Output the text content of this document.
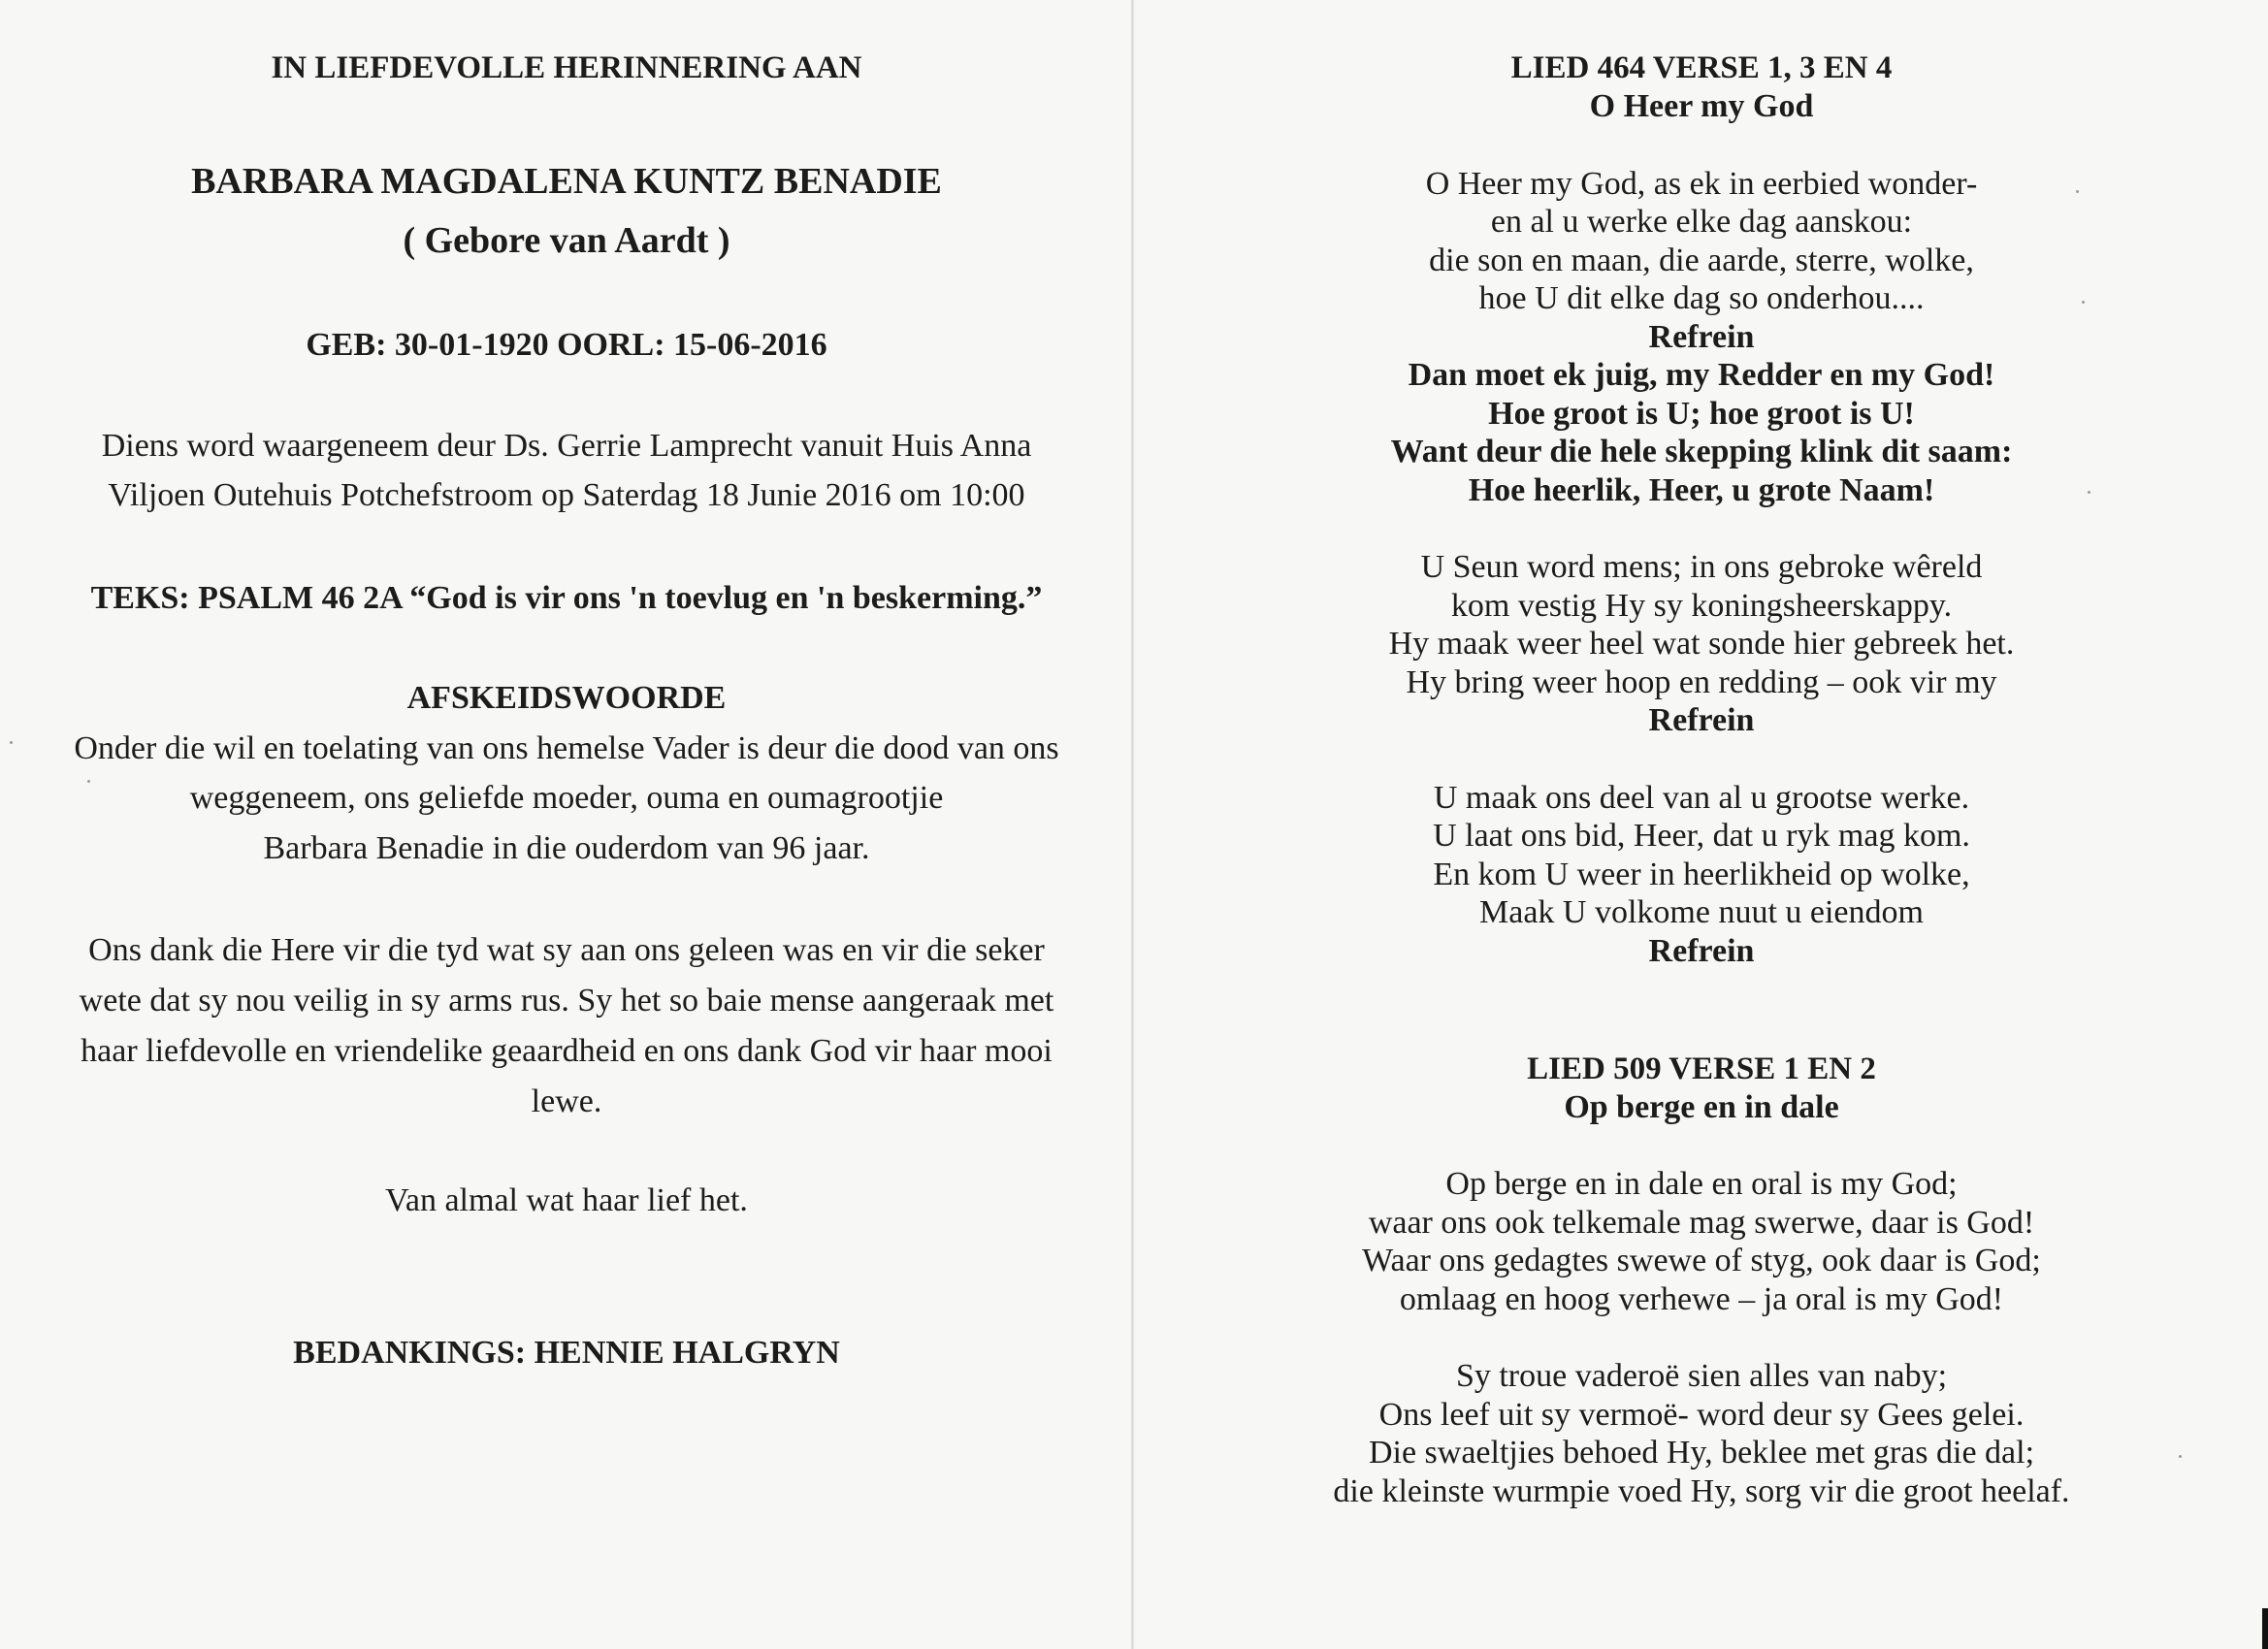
IN LIEFDEVOLLE HERINNERING AAN
BARBARA MAGDALENA KUNTZ BENADIE
( Gebore van Aardt )
GEB: 30-01-1920 OORL: 15-06-2016
Diens word waargeneem deur Ds. Gerrie Lamprecht vanuit Huis Anna
Viljoen Outehuis Potchefstroom op Saterdag 18 Junie 2016 om 10:00
TEKS: PSALM 46 2A “God is vir ons 'n toevlug en 'n beskerming.”
AFSKEIDSWOORDE
Onder die wil en toelating van ons hemelse Vader is deur die dood van ons
weggeneem, ons geliefde moeder, ouma en oumagrootjie
Barbara Benadie in die ouderdom van 96 jaar.
Ons dank die Here vir die tyd wat sy aan ons geleen was en vir die seker
wete dat sy nou veilig in sy arms rus. Sy het so baie mense aangeraak met
haar liefdevolle en vriendelike geaardheid en ons dank God vir haar mooi
lewe.
Van almal wat haar lief het.
BEDANKINGS: HENNIE HALGRYN
LIED 464 VERSE 1, 3 EN 4
O Heer my God
O Heer my God, as ek in eerbied wonder-
en al u werke elke dag aanskou:
die son en maan, die aarde, sterre, wolke,
hoe U dit elke dag so onderhou....
Refrein
Dan moet ek juig, my Redder en my God!
Hoe groot is U; hoe groot is U!
Want deur die hele skepping klink dit saam:
Hoe heerlik, Heer, u grote Naam!
U Seun word mens; in ons gebroke wêreld
kom vestig Hy sy koningsheerskappy.
Hy maak weer heel wat sonde hier gebreek het.
Hy bring weer hoop en redding – ook vir my
Refrein
U maak ons deel van al u grootse werke.
U laat ons bid, Heer, dat u ryk mag kom.
En kom U weer in heerlikheid op wolke,
Maak U volkome nuut u eiendom
Refrein
LIED 509 VERSE 1 EN 2
Op berge en in dale
Op berge en in dale en oral is my God;
waar ons ook telkemale mag swerwe, daar is God!
Waar ons gedagtes swewe of styg, ook daar is God;
omlaag en hoog verhewe – ja oral is my God!
Sy troue vaderoë sien alles van naby;
Ons leef uit sy vermoë- word deur sy Gees gelei.
Die swaeltjies behoed Hy, beklee met gras die dal;
die kleinste wurmpie voed Hy, sorg vir die groot heelaf.
